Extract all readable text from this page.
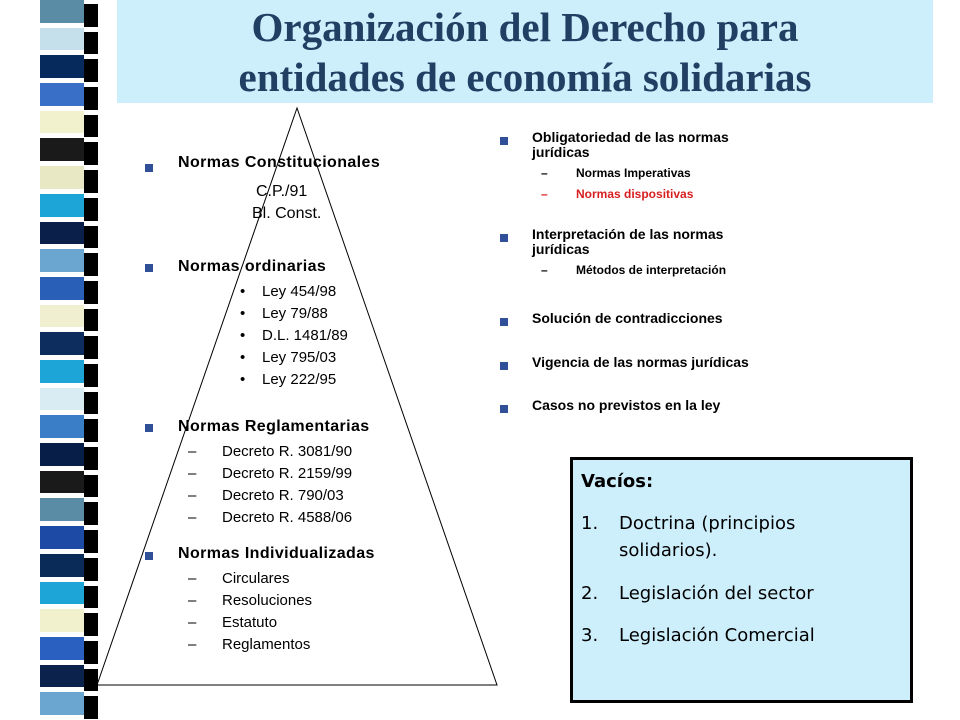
Organización del Derecho para
entidades de economía solidarias
Normas Constitucionales
C.P./91
Bl. Const.
Normas ordinarias
• Ley 454/98
• Ley 79/88
• D.L. 1481/89
• Ley 795/03
• Ley 222/95
Normas Reglamentarias
– Decreto R. 3081/90
– Decreto R. 2159/99
– Decreto R. 790/03
– Decreto R. 4588/06
Normas Individualizadas
– Circulares
– Resoluciones
– Estatuto
– Reglamentos
Obligatoriedad de las normas
jurídicas
– Normas Imperativas
– Normas dispositivas
Interpretación de las normas
jurídicas
– Métodos de interpretación
Solución de contradicciones
Vigencia de las normas jurídicas
Casos no previstos en la ley
Vacíos:
1. Doctrina (principios
solidarios).
2. Legislación del sector
3. Legislación Comercial
